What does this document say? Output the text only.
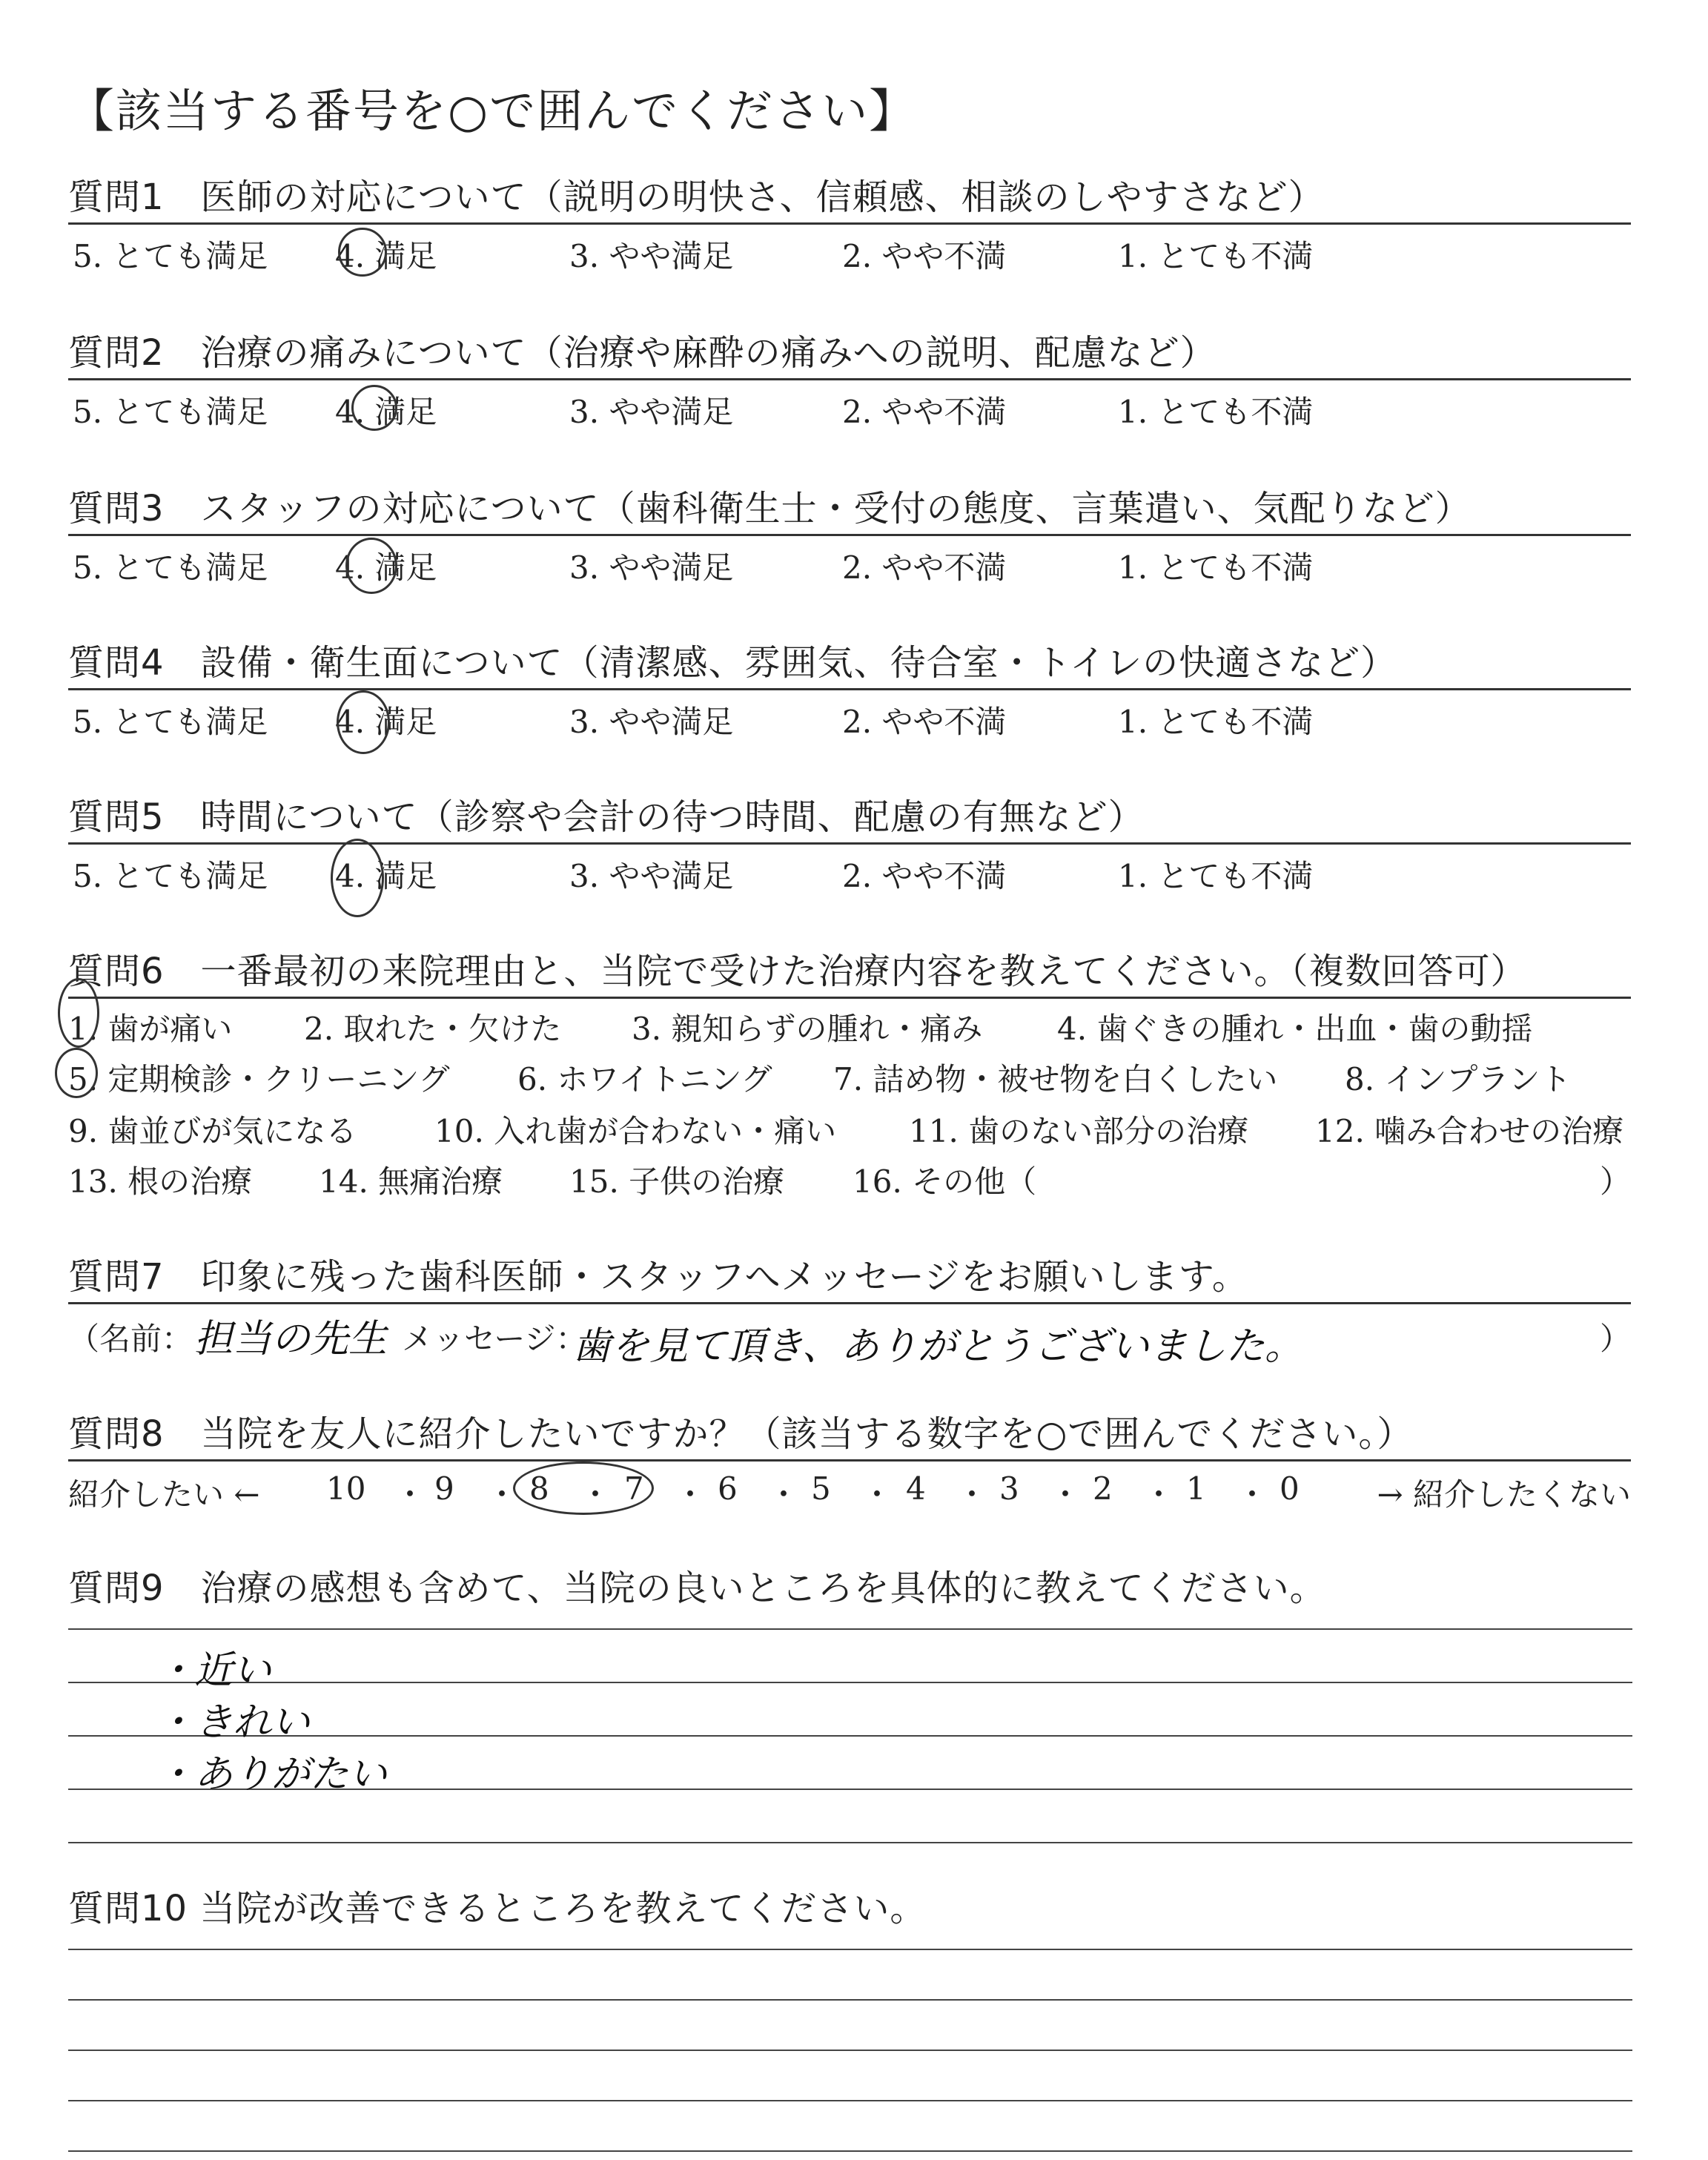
【該当する番号を○で囲んでください】
質問1　医師の対応について（説明の明快さ、信頼感、相談のしやすさなど）
5. とても満足 4. 満足	3. やや満足	2. やや不満	1. とても不満
質問2　治療の痛みについて（治療や麻酔の痛みへの説明、配慮など）
5. とても満足 4. 満足	3. やや満足	2. やや不満	1. とても不満
質問3　スタッフの対応について（歯科衛生士・受付の態度、言葉遣い、気配りなど）
5. とても満足 4. 満足	3. やや満足	2. やや不満	1. とても不満
質問4　設備・衛生面について（清潔感、雰囲気、待合室・トイレの快適さなど）
5. とても満足 4. 満足	3. やや満足	2. やや不満	1. とても不満
質問5　時間について（診察や会計の待つ時間、配慮の有無など）
5. とても満足 4. 満足	3. やや満足	2. やや不満	1. とても不満
質問6　一番最初の来院理由と、当院で受けた治療内容を教えてください。（複数回答可）
1. 歯が痛い 2. 取れた・欠けた 3. 親知らずの腫れ・痛み 4. 歯ぐきの腫れ・出血・歯の動揺
5. 定期検診・クリーニング 6. ホワイトニング 7. 詰め物・被せ物を白くしたい 8. インプラント
9. 歯並びが気になる 10. 入れ歯が合わない・痛い 11. 歯のない部分の治療 12. 噛み合わせの治療
13. 根の治療 14. 無痛治療 15. 子供の治療 16. その他（	）
質問7　印象に残った歯科医師・スタッフへメッセージをお願いします。
（名前： 担当の先生 メッセージ：
歯を見て頂き、ありがとうございました。	）
質問8　当院を友人に紹介したいですか？（該当する数字を○で囲んでください。）
紹介したい ← 10 ・ 9 ・ 8 ・ 7 ・ 6 ・ 5 ・ 4 ・ 3 ・ 2 ・ 1 ・ 0 → 紹介したくない
質問9　治療の感想も含めて、当院の良いところを具体的に教えてください。
・近い
・きれい
・ありがたい
質問10 当院が改善できるところを教えてください。
